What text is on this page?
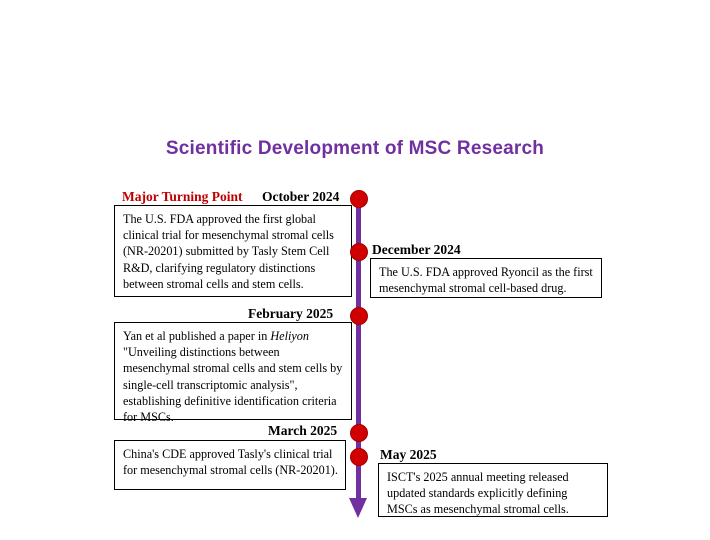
Scientific Development of MSC Research
Major Turning Point October 2024

The U.S. FDA approved the first global clinical trial for mesenchymal stromal cells (NR-20201) submitted by Tasly Stem Cell R&D, clarifying regulatory distinctions between stromal cells and stem cells.

December 2024

The U.S. FDA approved Ryoncil as the first mesenchymal stromal cell-based drug.

February 2025

Yan et al published a paper in Heliyon

"Unveiling distinctions between mesenchymal stromal cells and stem cells by single-cell transcriptomic analysis", establishing definitive identification criteria for MSCs.

March 2025

China's CDE approved Tasly's clinical trial for mesenchymal stromal cells (NR-20201).

May 2025

ISCT's 2025 annual meeting released updated standards explicitly defining MSCs as mesenchymal stromal cells.
